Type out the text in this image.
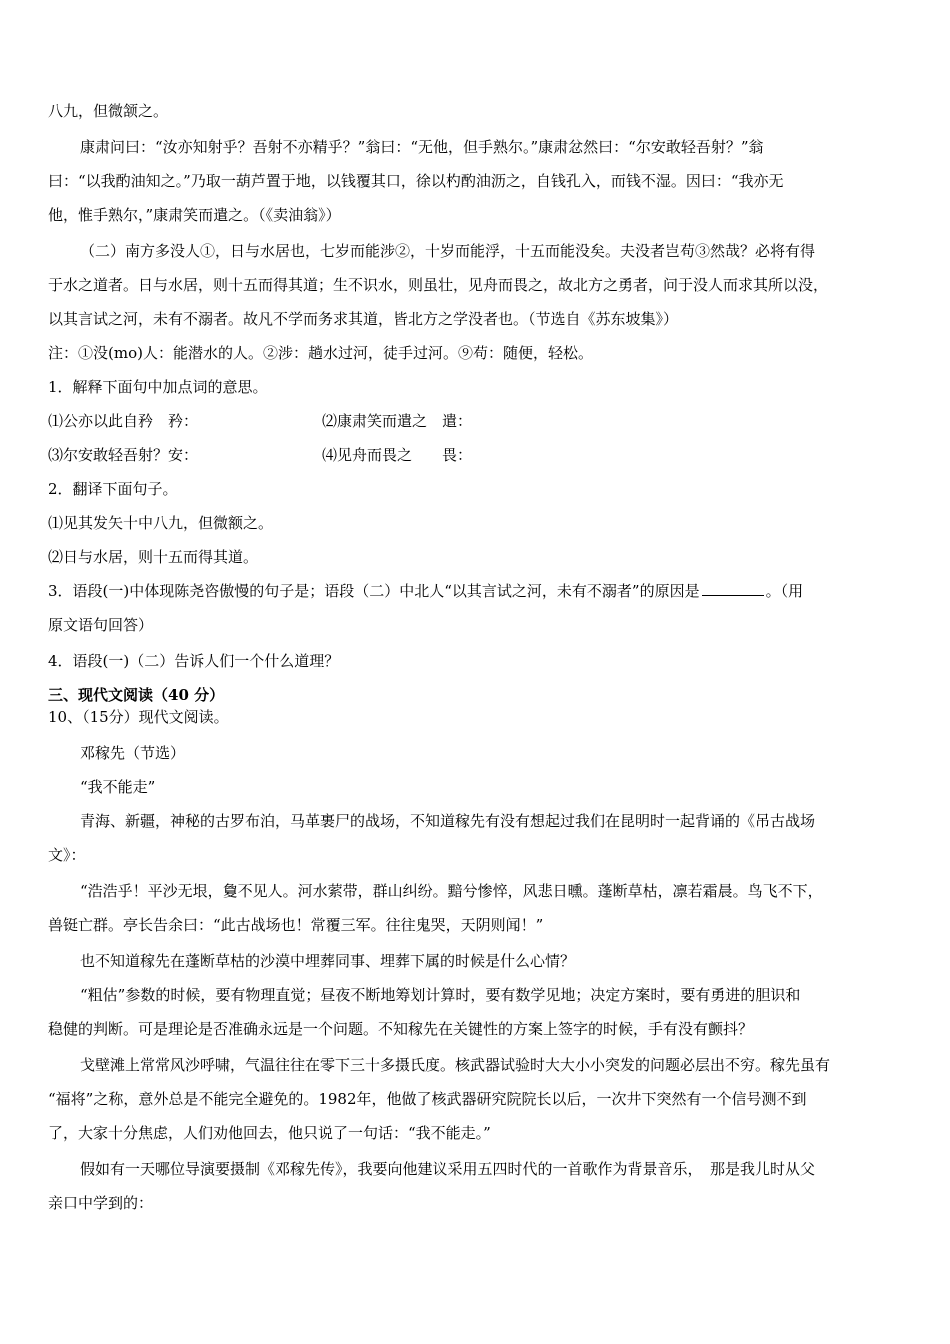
八九，但微颔之。
康肃问曰：“汝亦知射乎？吾射不亦精乎？”翁曰：“无他，但手熟尔。”康肃忿然曰：“尔安敢轻吾射？”翁
曰：“以我酌油知之。”乃取一葫芦置于地，以钱覆其口，徐以杓酌油沥之，自钱孔入，而钱不湿。因曰：“我亦无
他，惟手熟尔，”康肃笑而遣之。（《卖油翁》）
（二）南方多没人①，日与水居也，七岁而能涉②，十岁而能浮，十五而能没矣。夫没者岂苟③然哉？必将有得
于水之道者。日与水居，则十五而得其道；生不识水，则虽壮，见舟而畏之，故北方之勇者，问于没人而求其所以没，
以其言试之河，未有不溺者。故凡不学而务求其道，皆北方之学没者也。（节选自《苏东坡集》）
注：①没(mo)人：能潜水的人。②涉：趟水过河，徒手过河。⑨苟：随便，轻松。
1．解释下面句中加点词的意思。
⑴公亦以此自矜　矜：	⑵康肃笑而遣之　遣：
⑶尔安敢轻吾射？安：	⑷见舟而畏之　　畏：
2．翻译下面句子。
⑴见其发矢十中八九，但微额之。
⑵日与水居，则十五而得其道。
3．语段(一)中体现陈尧咨傲慢的句子是；语段（二）中北人“以其言试之河，未有不溺者”的原因是	。（用
原文语句回答）
4．语段(一)（二）告诉人们一个什么道理？
三、现代文阅读（40 分）
10、（15分）现代文阅读。
邓稼先（节选）
“我不能走”
青海、新疆，神秘的古罗布泊，马革裹尸的战场，不知道稼先有没有想起过我们在昆明时一起背诵的《吊古战场
文》：
“浩浩乎！平沙无垠，敻不见人。河水萦带，群山纠纷。黯兮惨悴，风悲日曛。蓬断草枯，凛若霜晨。鸟飞不下，
兽铤亡群。亭长告余曰：“此古战场也！常覆三军。往往鬼哭，天阴则闻！”
也不知道稼先在蓬断草枯的沙漠中埋葬同事、埋葬下属的时候是什么心情？
“粗估”参数的时候，要有物理直觉；昼夜不断地筹划计算时，要有数学见地；决定方案时，要有勇进的胆识和
稳健的判断。可是理论是否准确永远是一个问题。不知稼先在关键性的方案上签字的时候，手有没有颤抖？
戈壁滩上常常风沙呼啸，气温往往在零下三十多摄氏度。核武器试验时大大小小突发的问题必层出不穷。稼先虽有
“福将”之称，意外总是不能完全避免的。1982年，他做了核武器研究院院长以后，一次井下突然有一个信号测不到
了，大家十分焦虑，人们劝他回去，他只说了一句话：“我不能走。”
假如有一天哪位导演要摄制《邓稼先传》，我要向他建议采用五四时代的一首歌作为背景音乐，　那是我儿时从父
亲口中学到的：
